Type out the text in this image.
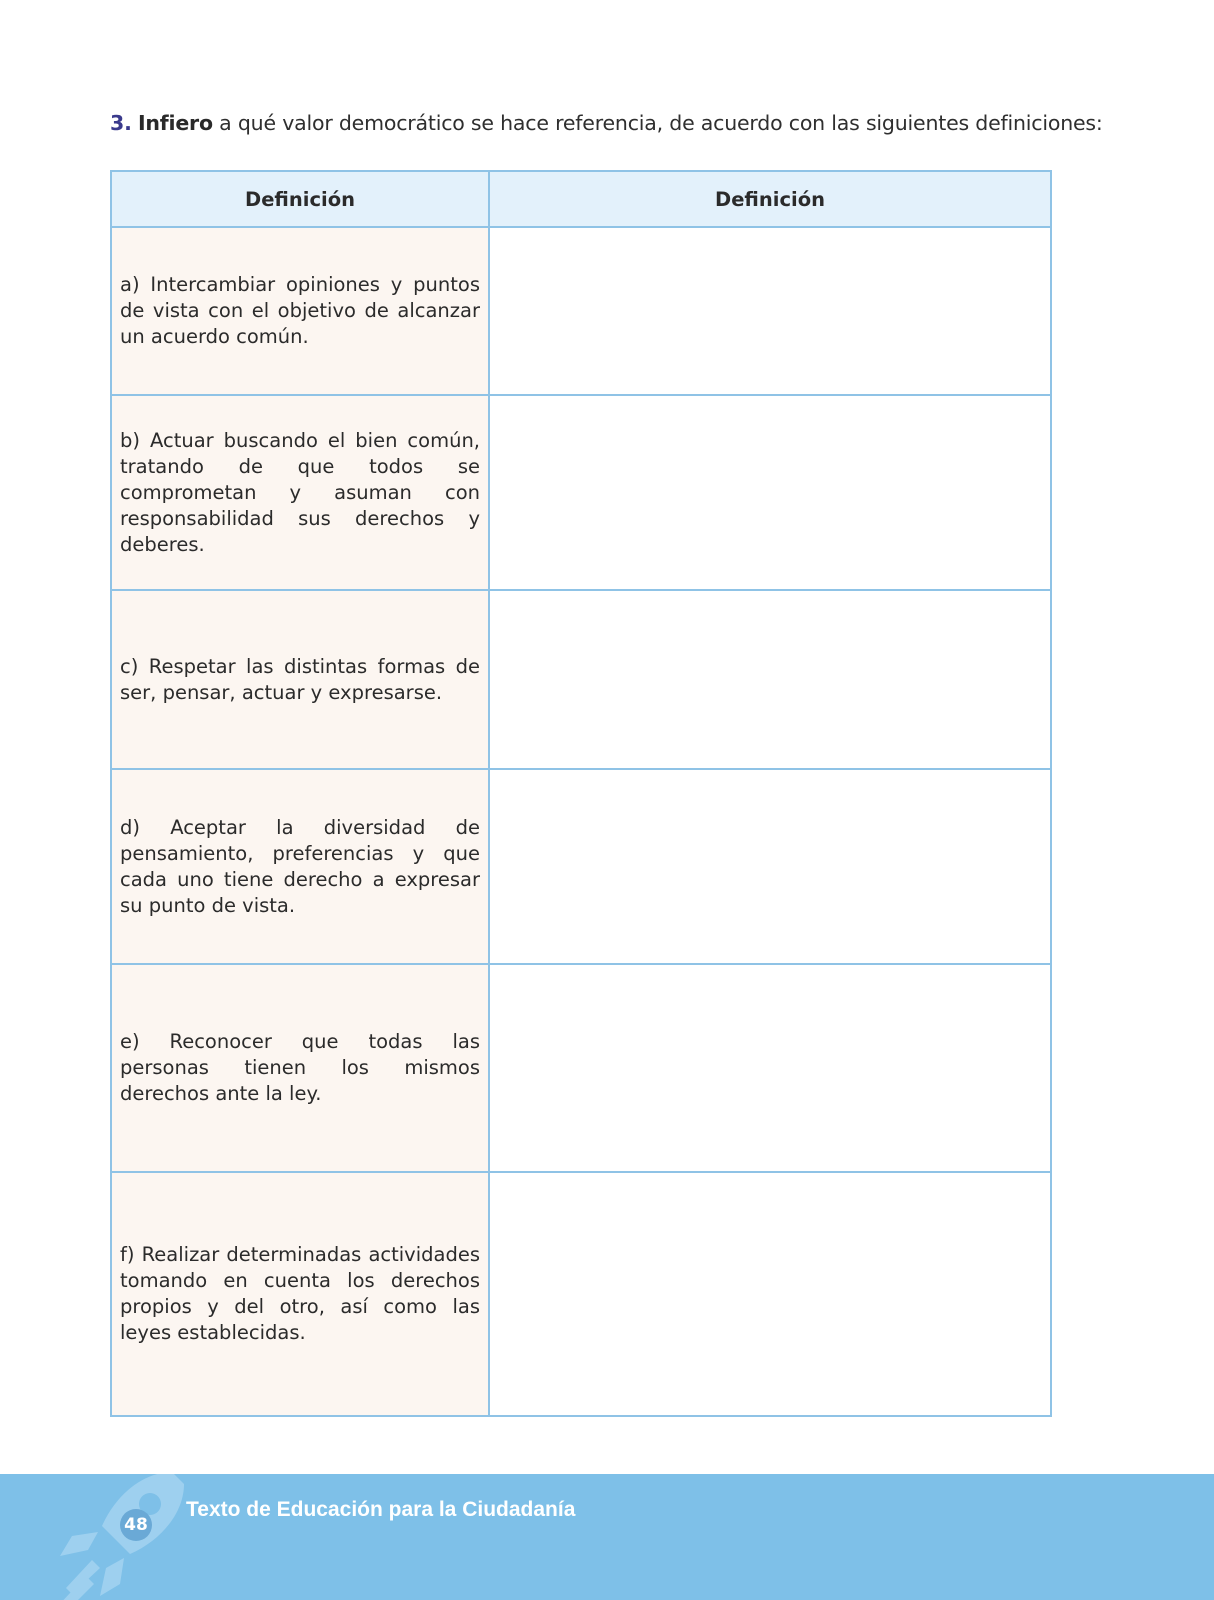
3. Infiero a qué valor democrático se hace referencia, de acuerdo con las siguientes definiciones:
Definición	Definición
a) Intercambiar opiniones y puntos de vista con el objetivo de alcanzar un acuerdo común.	
b) Actuar buscando el bien común, tratando de que todos se comprometan y asuman con responsabilidad sus derechos y deberes.	
c) Respetar las distintas formas de ser, pensar, actuar y expresarse.	
d) Aceptar la diversidad de pensamiento, preferencias y que cada uno tiene derecho a expresar su punto de vista.	
e) Reconocer que todas las personas tienen los mismos derechos ante la ley.	
f) Realizar determinadas actividades tomando en cuenta los derechos propios y del otro, así como las leyes establecidas.	
48
Texto de Educación para la Ciudadanía
